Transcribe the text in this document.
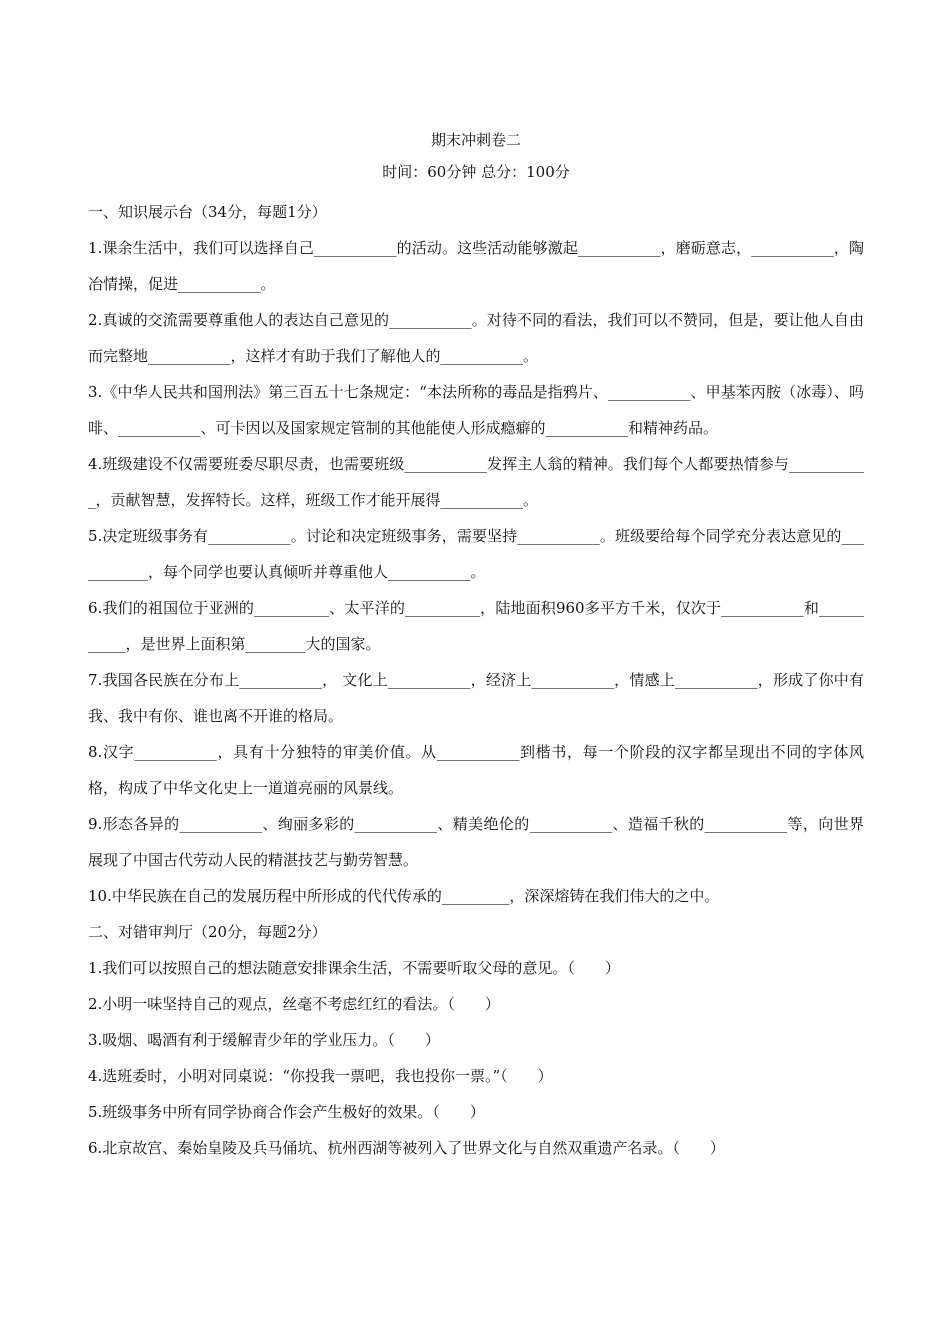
期末冲刺卷二
时间：60分钟 总分：100分
一、知识展示台（34分，每题1分）

1.课余生活中，我们可以选择自己___________的活动。这些活动能够激起___________，磨砺意志，___________，陶冶情操，促进___________。

2.真诚的交流需要尊重他人的表达自己意见的___________。对待不同的看法，我们可以不赞同，但是，要让他人自由而完整地___________，这样才有助于我们了解他人的___________。

3.《中华人民共和国刑法》第三百五十七条规定：“本法所称的毒品是指鸦片、___________、甲基苯丙胺（冰毒）、吗啡、___________、可卡因以及国家规定管制的其他能使人形成瘾癖的___________和精神药品。

4.班级建设不仅需要班委尽职尽责，也需要班级___________发挥主人翁的精神。我们每个人都要热情参与___________，贡献智慧，发挥特长。这样，班级工作才能开展得___________。

5.决定班级事务有___________。讨论和决定班级事务，需要坚持___________。班级要给每个同学充分表达意见的___________，每个同学也要认真倾听并尊重他人___________。

6.我们的祖国位于亚洲的__________、太平洋的__________，陆地面积960多平方千米，仅次于___________和___________，是世界上面积第________大的国家。

7.我国各民族在分布上___________， 文化上___________，经济上___________，情感上___________，形成了你中有我、我中有你、谁也离不开谁的格局。

8.汉字___________，具有十分独特的审美价值。从___________到楷书，每一个阶段的汉字都呈现出不同的字体风格，构成了中华文化史上一道道亮丽的风景线。

9.形态各异的___________、绚丽多彩的___________、精美绝伦的___________、造福千秋的___________等，向世界展现了中国古代劳动人民的精湛技艺与勤劳智慧。

10.中华民族在自己的发展历程中所形成的代代传承的_________，深深熔铸在我们伟大的之中。

二、对错审判厅（20分，每题2分）

1.我们可以按照自己的想法随意安排课余生活，不需要听取父母的意见。（　　）

2.小明一味坚持自己的观点，丝毫不考虑红红的看法。（　　）

3.吸烟、喝酒有利于缓解青少年的学业压力。（　　）

4.选班委时，小明对同桌说：“你投我一票吧，我也投你一票。”（　　）

5.班级事务中所有同学协商合作会产生极好的效果。（　　）

6.北京故宫、秦始皇陵及兵马俑坑、杭州西湖等被列入了世界文化与自然双重遗产名录。（　　）
